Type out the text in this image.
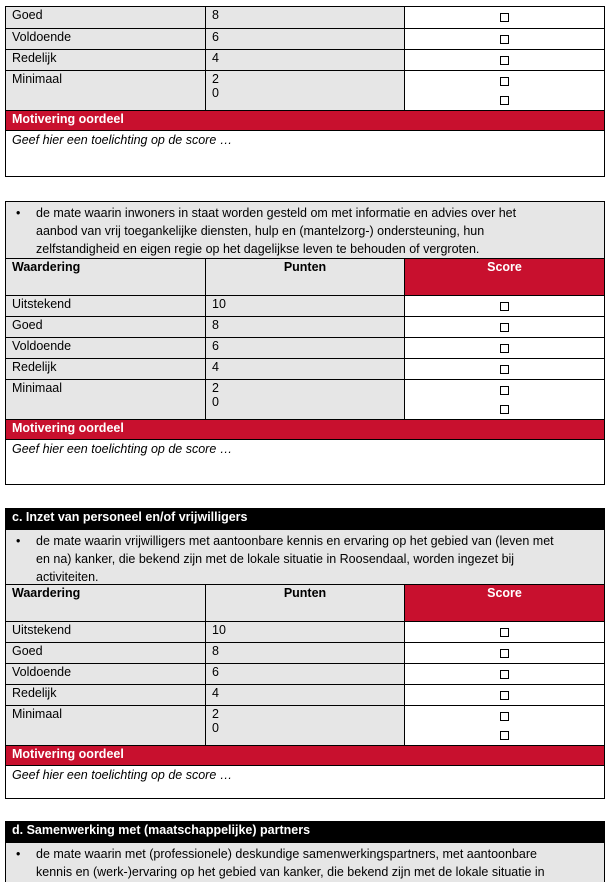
Goed	8
Voldoende	6
Redelijk	4
Minimaal	2
0
Motivering oordeel
Geef hier een toelichting op de score …
• de mate waarin inwoners in staat worden gesteld om met informatie en advies over het
aanbod van vrij toegankelijke diensten, hulp en (mantelzorg-) ondersteuning, hun
zelfstandigheid en eigen regie op het dagelijkse leven te behouden of vergroten.
Waardering	Punten	Score
Uitstekend	10
Goed	8
Voldoende	6
Redelijk	4
Minimaal	2
0
Motivering oordeel
Geef hier een toelichting op de score …
c. Inzet van personeel en/of vrijwilligers
• de mate waarin vrijwilligers met aantoonbare kennis en ervaring op het gebied van (leven met
en na) kanker, die bekend zijn met de lokale situatie in Roosendaal, worden ingezet bij
activiteiten.
Waardering	Punten	Score
Uitstekend	10
Goed	8
Voldoende	6
Redelijk	4
Minimaal	2
0
Motivering oordeel
Geef hier een toelichting op de score …
d. Samenwerking met (maatschappelijke) partners
• de mate waarin met (professionele) deskundige samenwerkingspartners, met aantoonbare
kennis en (werk-)ervaring op het gebied van kanker, die bekend zijn met de lokale situatie in
